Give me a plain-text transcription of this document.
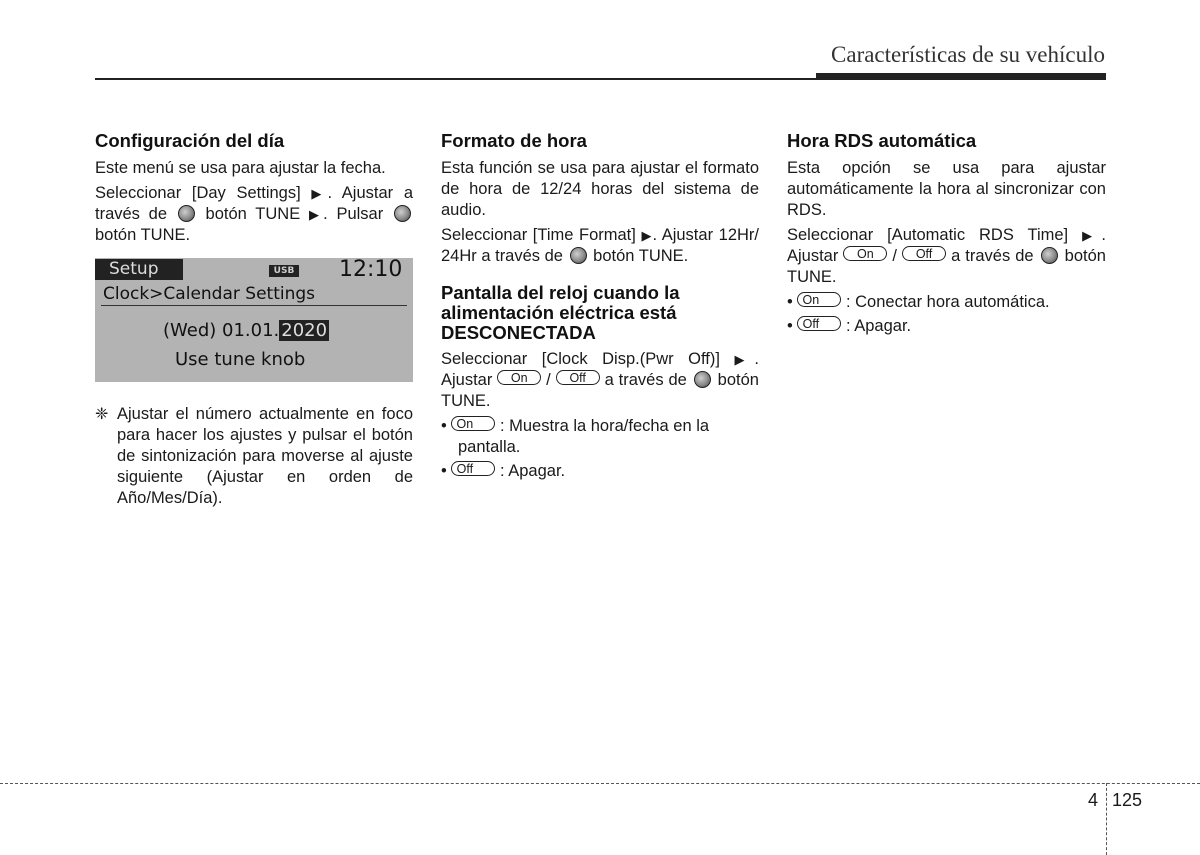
Características de su vehículo
Configuración del día

Este menú se usa para ajustar la fecha.

Seleccionar [Day Settings] ▶. Ajustar a través de botón TUNE ▶. Pulsar  botón TUNE.

Setup	USB 12:10
Clock>Calendar Settings
(Wed) 01.01. 2020
Use tune knob
❈ Ajustar el número actualmente en foco para hacer los ajustes y pulsar el botón de sintonización para moverse al ajuste siguiente (Ajustar en orden de Año/Mes/Día).
Formato de hora

Esta función se usa para ajustar el formato de hora de 12/24 horas del sistema de audio.

Seleccionar [Time Format] ▶. Ajustar 12Hr/ 24Hr a través de botón TUNE.

Pantalla del reloj cuando la alimentación eléctrica está DESCONECTADA

Seleccionar [Clock Disp.(Pwr Off)] ▶. Ajustar On / Off a través de botón TUNE.

• On : Muestra la hora/fecha en la pantalla.
• Off : Apagar.
Hora RDS automática

Esta opción se usa para ajustar automáticamente la hora al sincronizar con RDS.

Seleccionar [Automatic RDS Time] ▶. Ajustar On / Off a través de botón TUNE.

• On : Conectar hora automática.
• Off : Apagar.
4 125
